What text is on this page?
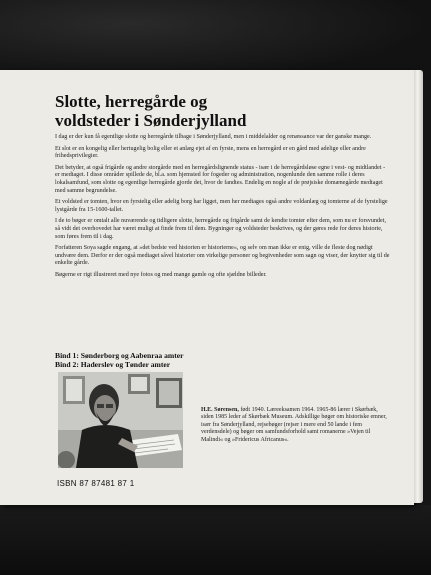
Slotte, herregårde og
voldsteder i Sønderjylland

I dag er der kun få egentlige slotte og herregårde tilbage i Sønderjylland, men i middelalder og renæssance var der ganske mange.

Et slot er en kongelig eller hertugelig bolig eller et anlæg ejet af en fyrste, mens en herregård er en gård med adelige eller andre frihedsprivilegier.

Det betyder, at også frigårde og andre storgårde med en herregårdslignende status - især i de herregårdsløse egne i vest- og midtlandet - er medtaget. I disse områder spillede de, bl.a. som hjemsted for fogeder og administration, nogenlunde den samme rolle i deres lokalsamfund, som slotte og egentlige herregårde gjorde det, hvor de fandtes. Endelig en nogle af de prøjsiske domænegårde medtaget med samme begrundelse.

Et voldsted er tomten, hvor en fyrstelig eller adelig borg har ligget, men her medtages også andre voldanlæg og tomterne af de fyrstelige lystgårde fra 15-1600-tallet.

I de to bøger er omtalt alle nuværende og tidligere slotte, herregårde og frigårde samt de kendte tomter efter dem, som nu er forsvundet, så vidt det overhovedet har været muligt at finde frem til dem. Bygninger og voldsteder beskrives, og der gøres rede for deres historie, som føres frem til i dag.

Forfatteren Soya sagde engang, at »det bedste ved historien er historierne«, og selv om man ikke er enig, ville de fleste dog nødigt undvære dem. Derfor er der også medtaget såvel historier om virkelige personer og begivenheder som sagn og viser, der knytter sig til de enkelte gårde.

Bøgerne er rigt illustreret med nye fotos og med mange gamle og ofte sjældne billeder.

Bind 1: Sønderborg og Aabenraa amter
Bind 2: Haderslev og Tønder amter
H.E. Sørensen, født 1940. Læreeksamen 1964. 1965-86 lærer i Skørbæk, siden 1985 leder af Skørbæk Museum. Adskillige bøger om historiske emner, især fra Sønderjylland, rejsebøger (rejser i mere end 50 lande i fem verdensdele) og bøger om samfundsforhold samt romanerne »Vejen til Malindi« og »Fridericus Africanus«.
ISBN 87 87481 87 1
